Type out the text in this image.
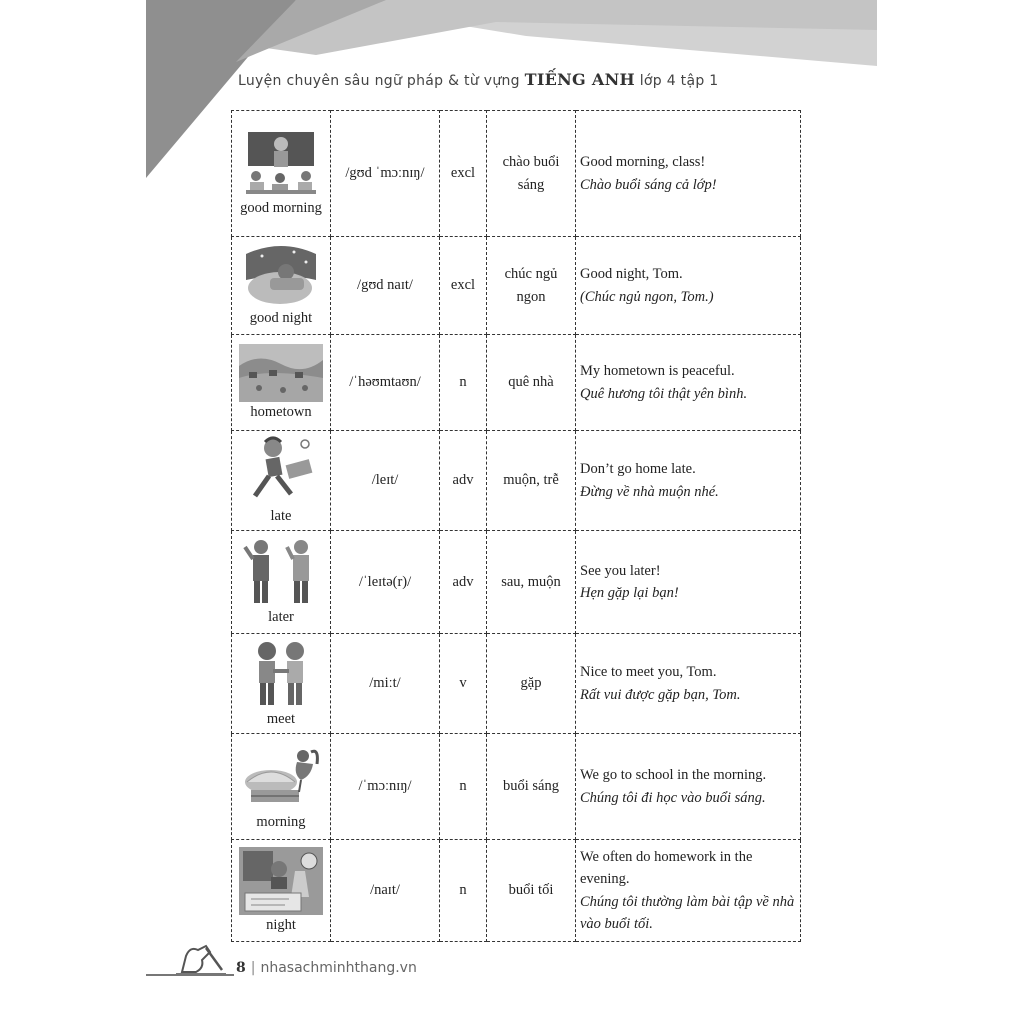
Luyện chuyên sâu ngữ pháp & từ vựng TIẾNG ANH lớp 4 tập 1
good morning	/gʊd ˈmɔːnɪŋ/	excl	chào buổi sáng	Good morning, class!
Chào buổi sáng cả lớp!

good night	/gʊd naɪt/	excl	chúc ngủ ngon	Good night, Tom.
(Chúc ngủ ngon, Tom.)

hometown	/ˈhəʊmtaʊn/	n	quê nhà	My hometown is peaceful.
Quê hương tôi thật yên bình.

late	/leɪt/	adv	muộn, trễ	Don’t go home late.
Đừng về nhà muộn nhé.

later	/ˈleɪtə(r)/	adv	sau, muộn	See you later!
Hẹn gặp lại bạn!

meet	/miːt/	v	gặp	Nice to meet you, Tom.
Rất vui được gặp bạn, Tom.

morning	/ˈmɔːnɪŋ/	n	buổi sáng	We go to school in the morning.
Chúng tôi đi học vào buổi sáng.

night	/naɪt/	n	buổi tối	We often do homework in the evening.
Chúng tôi thường làm bài tập về nhà vào buổi tối.
8 | nhasachminhthang.vn
